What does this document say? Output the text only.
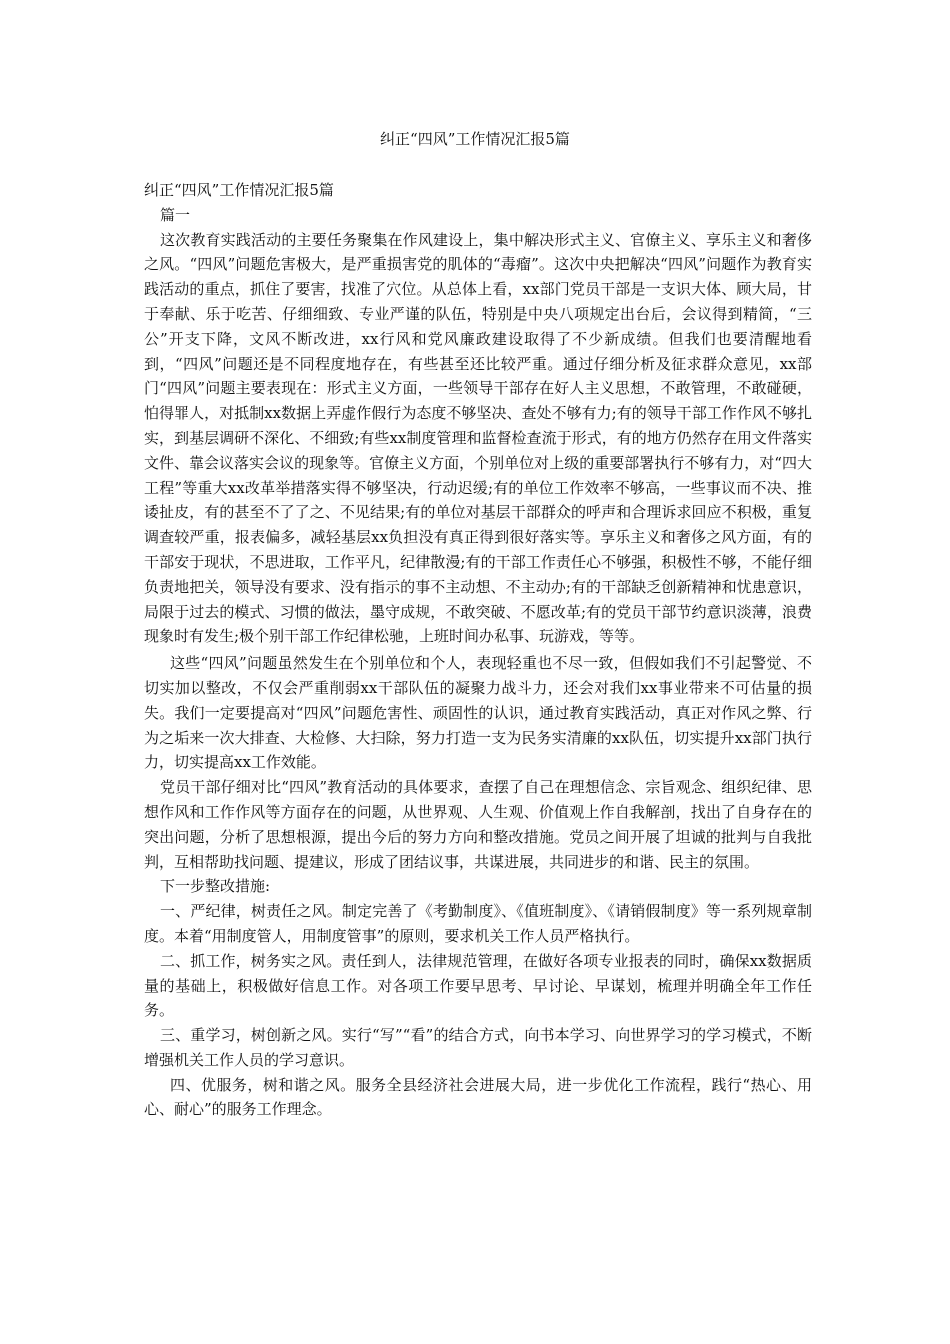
纠正“四风”工作情况汇报5篇

纠正“四风”工作情况汇报5篇

篇一

这次教育实践活动的主要任务聚集在作风建设上，集中解决形式主义、官僚主义、享乐主义和奢侈之风。“四风”问题危害极大，是严重损害党的肌体的“毒瘤”。这次中央把解决“四风”问题作为教育实践活动的重点，抓住了要害，找准了穴位。从总体上看，xx部门党员干部是一支识大体、顾大局，甘于奉献、乐于吃苦、仔细细致、专业严谨的队伍，特别是中央八项规定出台后，会议得到精简，“三公”开支下降，文风不断改进，xx行风和党风廉政建设取得了不少新成绩。但我们也要清醒地看到，“四风”问题还是不同程度地存在，有些甚至还比较严重。通过仔细分析及征求群众意见，xx部门“四风”问题主要表现在：形式主义方面，一些领导干部存在好人主义思想，不敢管理，不敢碰硬，怕得罪人，对抵制xx数据上弄虚作假行为态度不够坚决、查处不够有力;有的领导干部工作作风不够扎实，到基层调研不深化、不细致;有些xx制度管理和监督检查流于形式，有的地方仍然存在用文件落实文件、靠会议落实会议的现象等。官僚主义方面，个别单位对上级的重要部署执行不够有力，对“四大工程”等重大xx改革举措落实得不够坚决，行动迟缓;有的单位工作效率不够高，一些事议而不决、推诿扯皮，有的甚至不了了之、不见结果;有的单位对基层干部群众的呼声和合理诉求回应不积极，重复调查较严重，报表偏多，减轻基层xx负担没有真正得到很好落实等。享乐主义和奢侈之风方面，有的干部安于现状，不思进取，工作平凡，纪律散漫;有的干部工作责任心不够强，积极性不够，不能仔细负责地把关，领导没有要求、没有指示的事不主动想、不主动办;有的干部缺乏创新精神和忧患意识，局限于过去的模式、习惯的做法，墨守成规，不敢突破、不愿改革;有的党员干部节约意识淡薄，浪费现象时有发生;极个别干部工作纪律松驰，上班时间办私事、玩游戏，等等。

这些“四风”问题虽然发生在个别单位和个人，表现轻重也不尽一致，但假如我们不引起警觉、不切实加以整改，不仅会严重削弱xx干部队伍的凝聚力战斗力，还会对我们xx事业带来不可估量的损失。我们一定要提高对“四风”问题危害性、顽固性的认识，通过教育实践活动，真正对作风之弊、行为之垢来一次大排查、大检修、大扫除，努力打造一支为民务实清廉的xx队伍，切实提升xx部门执行力，切实提高xx工作效能。

党员干部仔细对比“四风”教育活动的具体要求，查摆了自己在理想信念、宗旨观念、组织纪律、思想作风和工作作风等方面存在的问题，从世界观、人生观、价值观上作自我解剖，找出了自身存在的突出问题，分析了思想根源，提出今后的努力方向和整改措施。党员之间开展了坦诚的批判与自我批判，互相帮助找问题、提建议，形成了团结议事，共谋进展，共同进步的和谐、民主的氛围。

下一步整改措施:

一、严纪律，树责任之风。制定完善了《考勤制度》、《值班制度》、《请销假制度》等一系列规章制度。本着“用制度管人，用制度管事”的原则，要求机关工作人员严格执行。

二、抓工作，树务实之风。责任到人，法律规范管理，在做好各项专业报表的同时，确保xx数据质量的基础上，积极做好信息工作。对各项工作要早思考、早讨论、早谋划，梳理并明确全年工作任务。

三、重学习，树创新之风。实行“写”“看”的结合方式，向书本学习、向世界学习的学习模式，不断增强机关工作人员的学习意识。

四、优服务，树和谐之风。服务全县经济社会进展大局，进一步优化工作流程，践行“热心、用心、耐心”的服务工作理念。
